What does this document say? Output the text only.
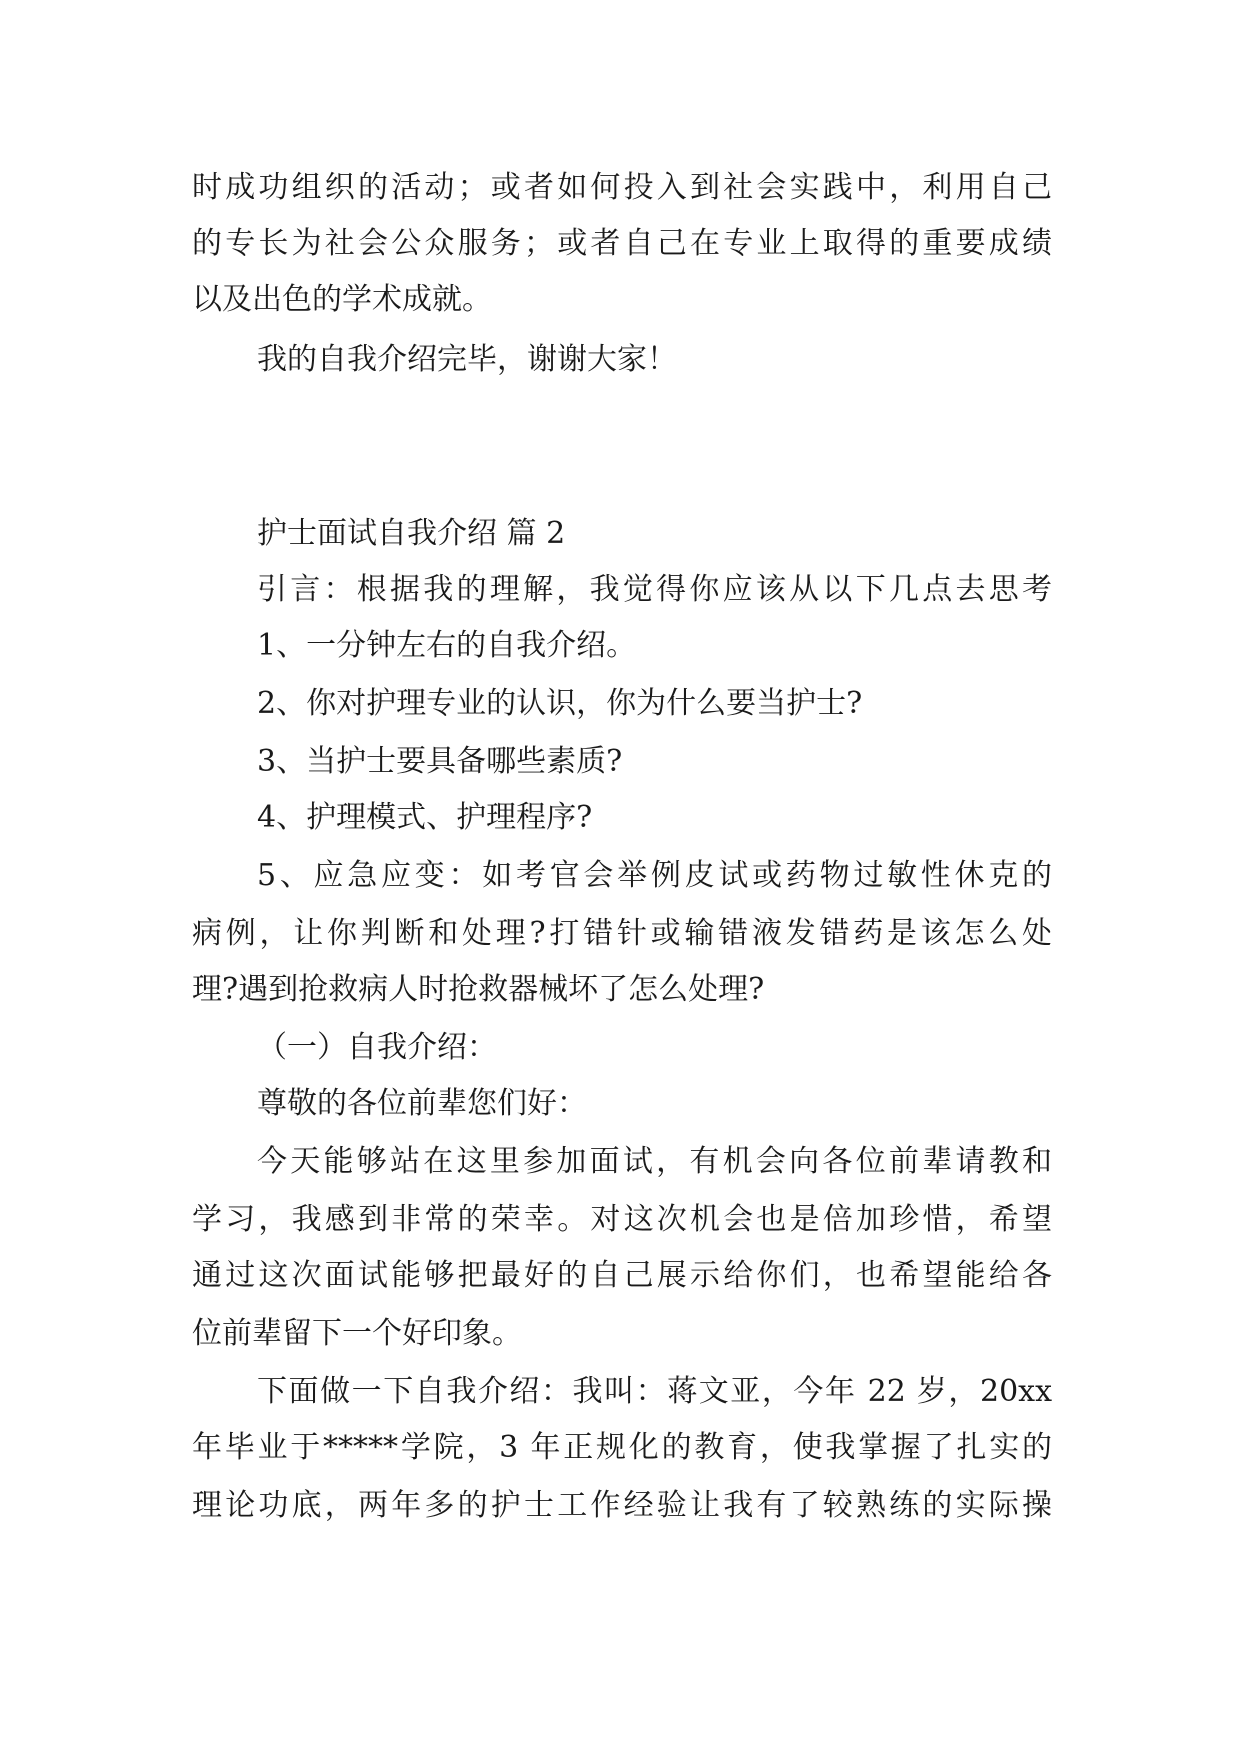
时成功组织的活动；或者如何投入到社会实践中，利用自己
的专长为社会公众服务；或者自己在专业上取得的重要成绩
以及出色的学术成就。
我的自我介绍完毕，谢谢大家！
护士面试自我介绍 篇 2
引言：根据我的理解，我觉得你应该从以下几点去思考
1、一分钟左右的自我介绍。
2、你对护理专业的认识，你为什么要当护士?
3、当护士要具备哪些素质?
4、护理模式、护理程序?
5、应急应变：如考官会举例皮试或药物过敏性休克的
病例，让你判断和处理?打错针或输错液发错药是该怎么处
理?遇到抢救病人时抢救器械坏了怎么处理?
（一）自我介绍：
尊敬的各位前辈您们好：
今天能够站在这里参加面试，有机会向各位前辈请教和
学习，我感到非常的荣幸。对这次机会也是倍加珍惜，希望
通过这次面试能够把最好的自己展示给你们，也希望能给各
位前辈留下一个好印象。
下面做一下自我介绍：我叫：蒋文亚，今年 22 岁，20xx
年毕业于*****学院，3 年正规化的教育，使我掌握了扎实的
理论功底，两年多的护士工作经验让我有了较熟练的实际操
